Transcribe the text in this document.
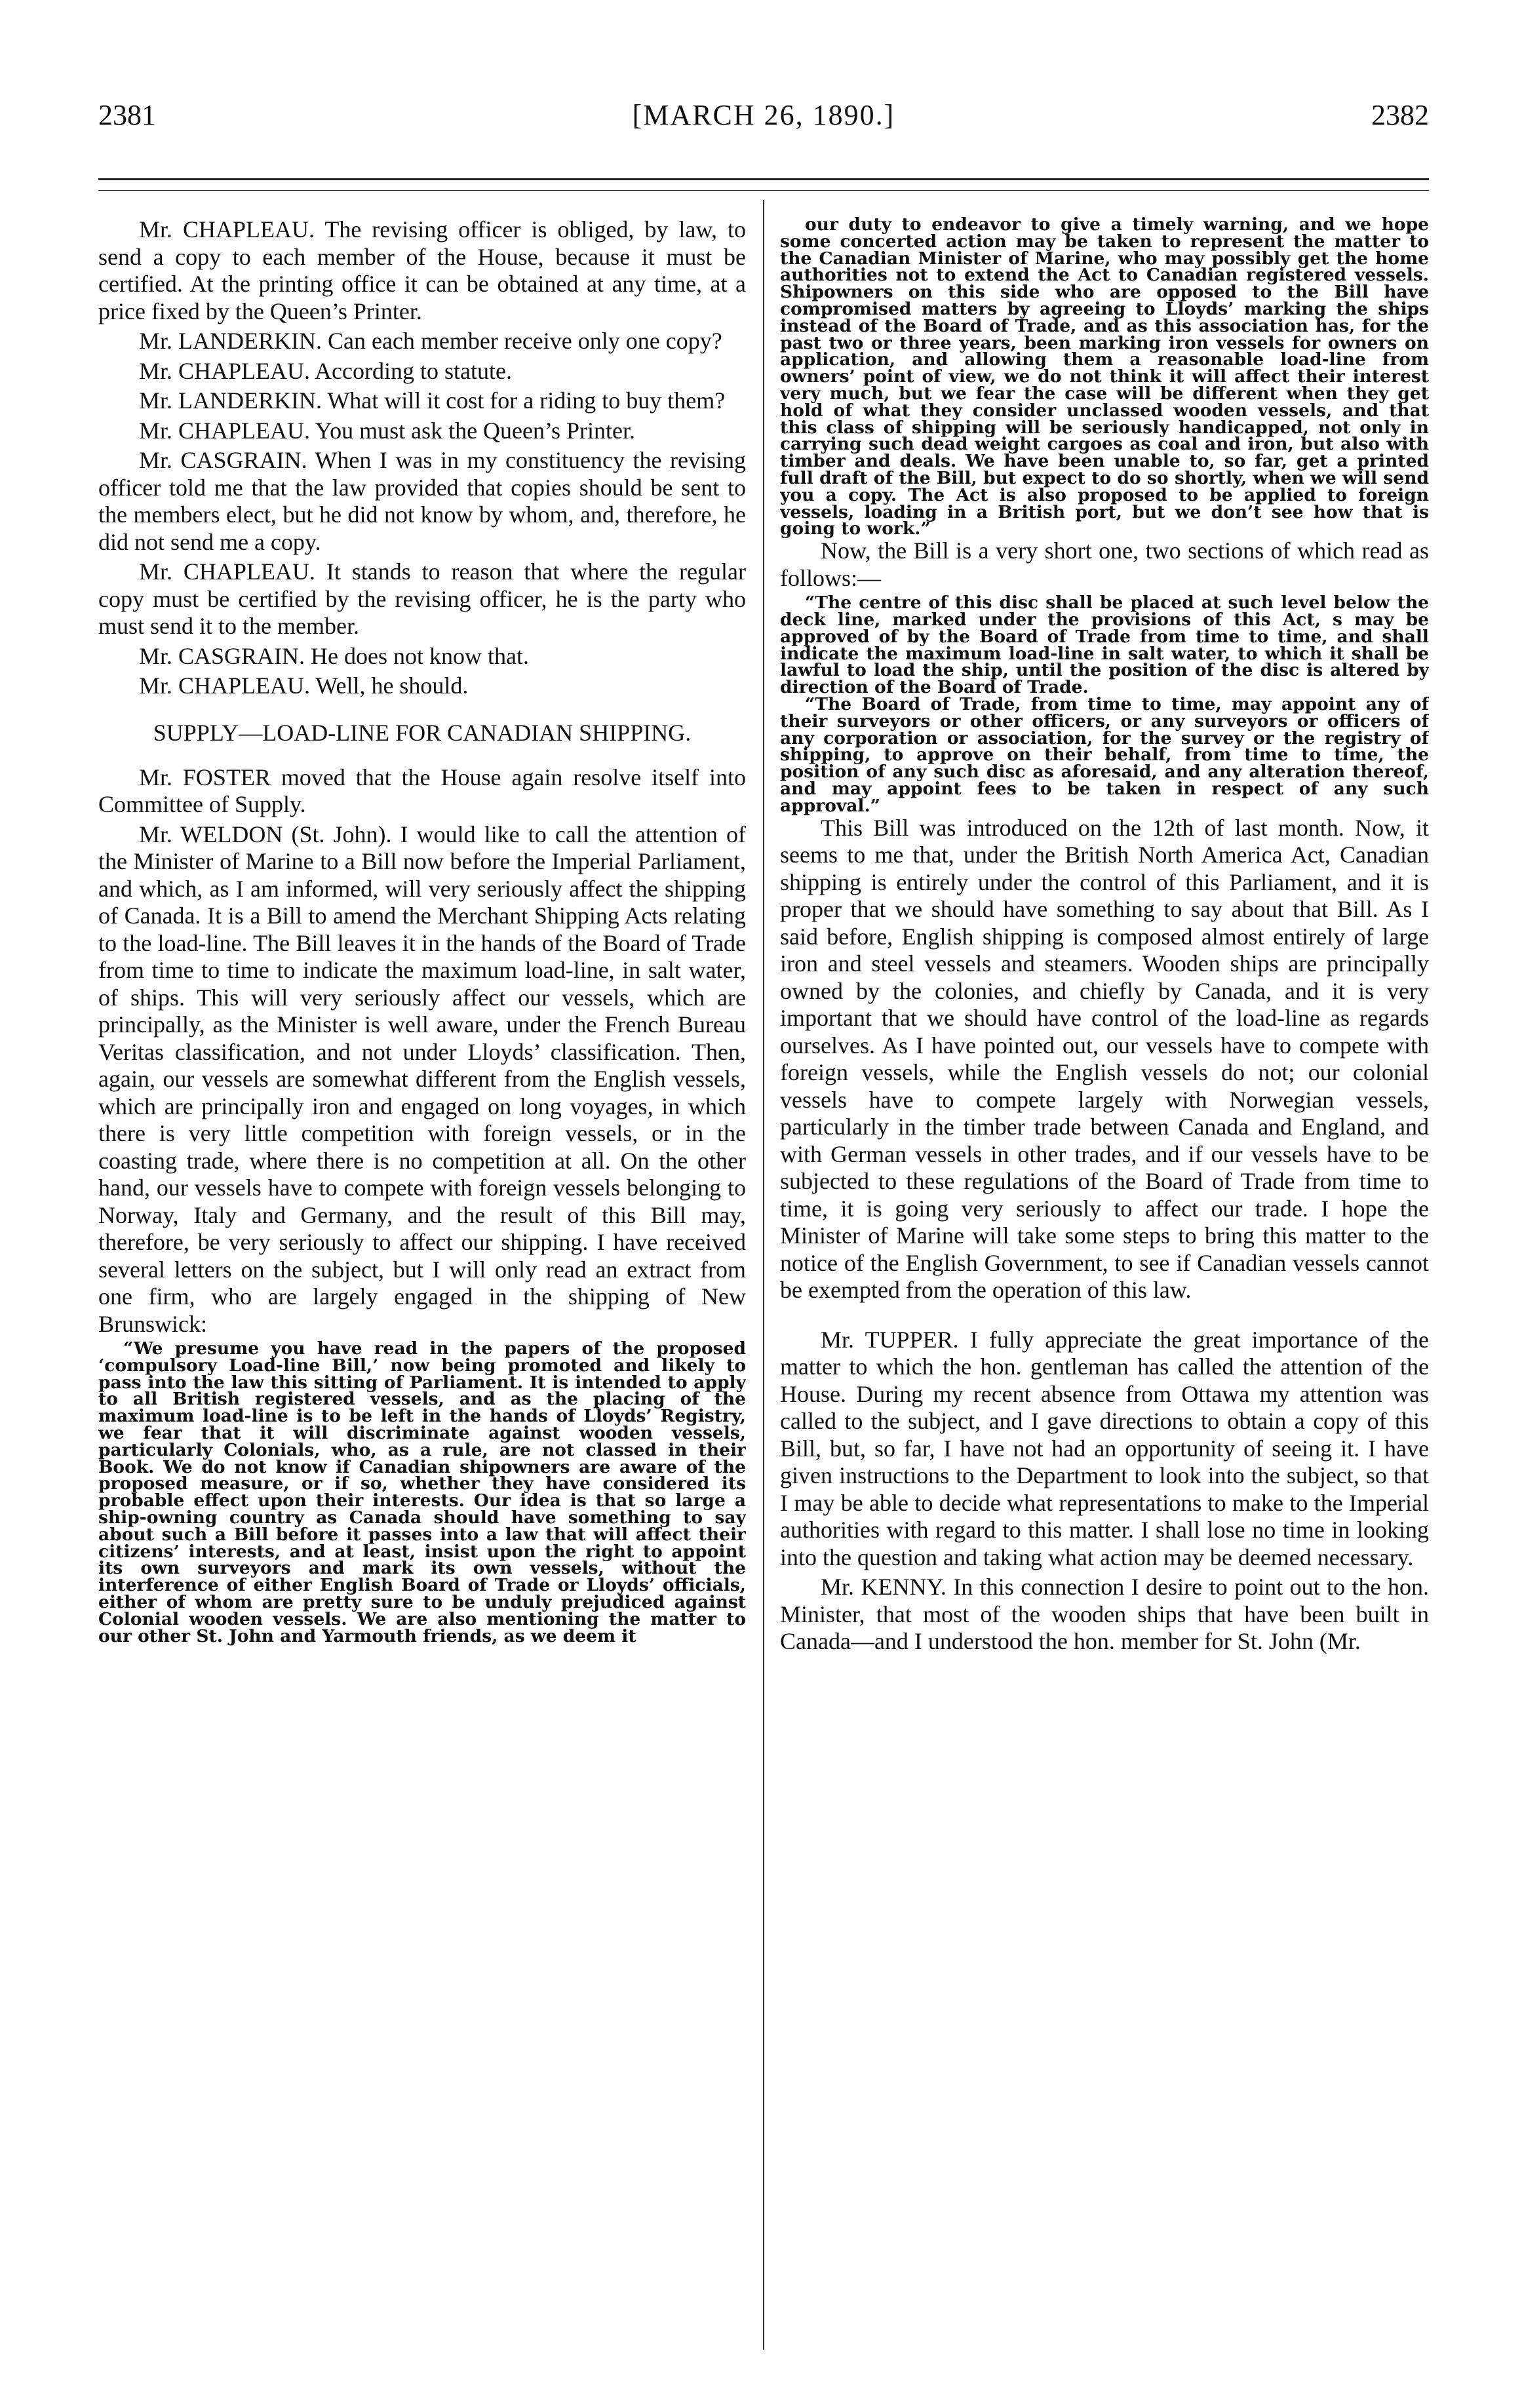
2381	[MARCH 26, 1890.]	2382

Mr. CHAPLEAU. The revising officer is obliged, by law, to send a copy to each member of the House, because it must be certified. At the printing office it can be obtained at any time, at a price fixed by the Queen’s Printer.

Mr. LANDERKIN. Can each member receive only one copy?

Mr. CHAPLEAU. According to statute.

Mr. LANDERKIN. What will it cost for a riding to buy them?

Mr. CHAPLEAU. You must ask the Queen’s Printer.

Mr. CASGRAIN. When I was in my constituency the revising officer told me that the law provided that copies should be sent to the members elect, but he did not know by whom, and, therefore, he did not send me a copy.

Mr. CHAPLEAU. It stands to reason that where the regular copy must be certified by the revising officer, he is the party who must send it to the member.

Mr. CASGRAIN. He does not know that.

Mr. CHAPLEAU. Well, he should.

SUPPLY—LOAD-LINE FOR CANADIAN SHIPPING.

Mr. FOSTER moved that the House again resolve itself into Committee of Supply.

Mr. WELDON (St. John). I would like to call the attention of the Minister of Marine to a Bill now before the Imperial Parliament, and which, as I am informed, will very seriously affect the shipping of Canada. It is a Bill to amend the Merchant Shipping Acts relating to the load-line. The Bill leaves it in the hands of the Board of Trade from time to time to indicate the maximum load-line, in salt water, of ships. This will very seriously affect our vessels, which are principally, as the Minister is well aware, under the French Bureau Veritas classification, and not under Lloyds’ classification. Then, again, our vessels are somewhat different from the English vessels, which are principally iron and engaged on long voyages, in which there is very little competition with foreign vessels, or in the coasting trade, where there is no competition at all. On the other hand, our vessels have to compete with foreign vessels belonging to Norway, Italy and Germany, and the result of this Bill may, therefore, be very seriously to affect our shipping. I have received several letters on the subject, but I will only read an extract from one firm, who are largely engaged in the shipping of New Brunswick:

“We presume you have read in the papers of the proposed ‘compulsory Load-line Bill,’ now being promoted and likely to pass into the law this sitting of Parliament. It is intended to apply to all British registered vessels, and as the placing of the maximum load-line is to be left in the hands of Lloyds’ Registry, we fear that it will discriminate against wooden vessels, particularly Colonials, who, as a rule, are not classed in their Book. We do not know if Canadian shipowners are aware of the proposed measure, or if so, whether they have considered its probable effect upon their interests. Our idea is that so large a ship-owning country as Canada should have something to say about such a Bill before it passes into a law that will affect their citizens’ interests, and at least, insist upon the right to appoint its own surveyors and mark its own vessels, without the interference of either English Board of Trade or Lloyds’ officials, either of whom are pretty sure to be unduly prejudiced against Colonial wooden vessels. We are also mentioning the matter to our other St. John and Yarmouth friends, as we deem it

our duty to endeavor to give a timely warning, and we hope some concerted action may be taken to represent the matter to the Canadian Minister of Marine, who may possibly get the home authorities not to extend the Act to Canadian registered vessels. Shipowners on this side who are opposed to the Bill have compromised matters by agreeing to Lloyds’ marking the ships instead of the Board of Trade, and as this association has, for the past two or three years, been marking iron vessels for owners on application, and allowing them a reasonable load-line from owners’ point of view, we do not think it will affect their interest very much, but we fear the case will be different when they get hold of what they consider unclassed wooden vessels, and that this class of shipping will be seriously handicapped, not only in carrying such dead weight cargoes as coal and iron, but also with timber and deals. We have been unable to, so far, get a printed full draft of the Bill, but expect to do so shortly, when we will send you a copy. The Act is also proposed to be applied to foreign vessels, loading in a British port, but we don’t see how that is going to work.”

Now, the Bill is a very short one, two sections of which read as follows:—

“The centre of this disc shall be placed at such level below the deck line, marked under the provisions of this Act, s may be approved of by the Board of Trade from time to time, and shall indicate the maximum load-line in salt water, to which it shall be lawful to load the ship, until the position of the disc is altered by direction of the Board of Trade.

“The Board of Trade, from time to time, may appoint any of their surveyors or other officers, or any surveyors or officers of any corporation or association, for the survey or the registry of shipping, to approve on their behalf, from time to time, the position of any such disc as aforesaid, and any alteration thereof, and may appoint fees to be taken in respect of any such approval.”

This Bill was introduced on the 12th of last month. Now, it seems to me that, under the British North America Act, Canadian shipping is entirely under the control of this Parliament, and it is proper that we should have something to say about that Bill. As I said before, English shipping is composed almost entirely of large iron and steel vessels and steamers. Wooden ships are principally owned by the colonies, and chiefly by Canada, and it is very important that we should have control of the load-line as regards ourselves. As I have pointed out, our vessels have to compete with foreign vessels, while the English vessels do not; our colonial vessels have to compete largely with Norwegian vessels, particularly in the timber trade between Canada and England, and with German vessels in other trades, and if our vessels have to be subjected to these regulations of the Board of Trade from time to time, it is going very seriously to affect our trade. I hope the Minister of Marine will take some steps to bring this matter to the notice of the English Government, to see if Canadian vessels cannot be exempted from the operation of this law.

Mr. TUPPER. I fully appreciate the great importance of the matter to which the hon. gentleman has called the attention of the House. During my recent absence from Ottawa my attention was called to the subject, and I gave directions to obtain a copy of this Bill, but, so far, I have not had an opportunity of seeing it. I have given instructions to the Department to look into the subject, so that I may be able to decide what representations to make to the Imperial authorities with regard to this matter. I shall lose no time in looking into the question and taking what action may be deemed necessary.

Mr. KENNY. In this connection I desire to point out to the hon. Minister, that most of the wooden ships that have been built in Canada—and I understood the hon. member for St. John (Mr.
